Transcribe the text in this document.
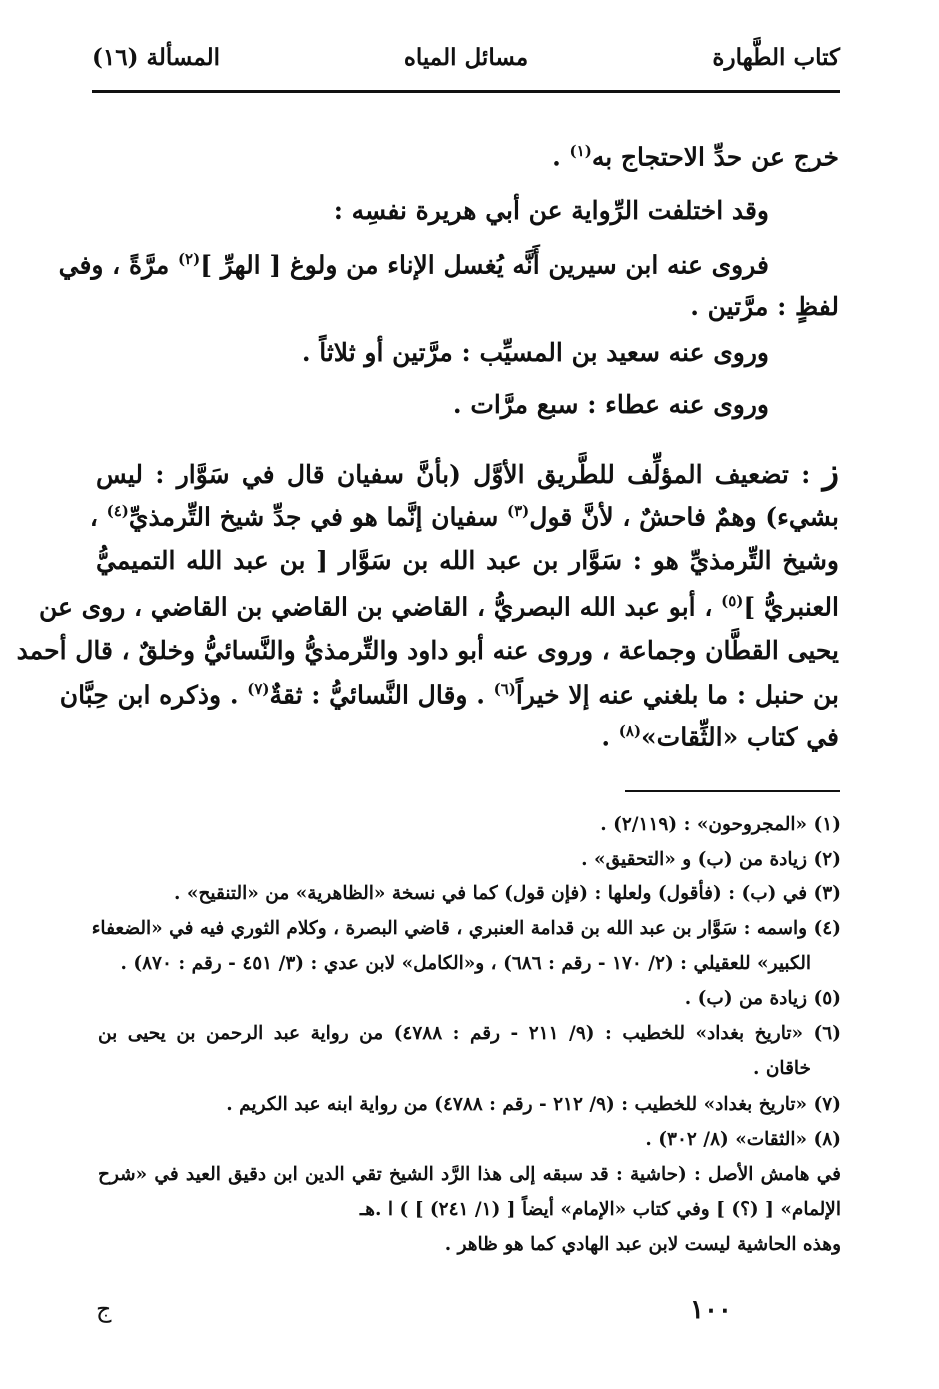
كتاب الطَّهارة
مسائل المياه
المسألة (١٦)
خرج عن حدِّ الاحتجاج به$^{(١)}$ .
وقد اختلفت الرِّواية عن أبي هريرة نفسِه :
فروى عنه ابن سيرين أَنَّه يُغسل الإناء من ولوغ [ الهرِّ ]$^{(٢)}$ مرَّةً ، وفي
لفظٍ : مرَّتين .
وروى عنه سعيد بن المسيِّب : مرَّتين أو ثلاثاً .
وروى عنه عطاء : سبع مرَّات .
ز : تضعيف المؤلِّف للطَّريق الأوَّل (بأنَّ سفيان قال في سَوَّار : ليس
بشيء) وهمٌ فاحشٌ ، لأنَّ قول$^{(٣)}$ سفيان إنَّما هو في جدِّ شيخ التِّرمذيِّ$^{(٤)}$ ،
وشيخ التِّرمذيِّ هو : سَوَّار بن عبد الله بن سَوَّار [ بن عبد الله التميميُّ
العنبريُّ ]$^{(٥)}$ ، أبو عبد الله البصريُّ ، القاضي بن القاضي بن القاضي ، روى عن
يحيى القطَّان وجماعة ، وروى عنه أبو داود والتِّرمذيُّ والنَّسائيُّ وخلقٌ ، قال أحمد
بن حنبل : ما بلغني عنه إلا خيراً$^{(٦)}$ . وقال النَّسائيُّ : ثقةٌ$^{(٧)}$ . وذكره ابن حِبَّان
في كتاب «الثِّقات»$^{(٨)}$ .
(١) «المجروحون» : (٢/١١٩) .
(٢) زيادة من (ب) و «التحقيق» .
(٣) في (ب) : (فأقول) ولعلها : (فإن قول) كما في نسخة «الظاهرية» من «التنقيح» .
(٤) واسمه : سَوَّار بن عبد الله بن قدامة العنبري ، قاضي البصرة ، وكلام الثوري فيه في «الضعفاء
الكبير» للعقيلي : (٢/ ١٧٠ - رقم : ٦٨٦) ، و«الكامل» لابن عدي : (٣/ ٤٥١ - رقم : ٨٧٠) .
(٥) زيادة من (ب) .
(٦) «تاريخ بغداد» للخطيب : (٩/ ٢١١ - رقم : ٤٧٨٨) من رواية عبد الرحمن بن يحيى بن
خاقان .
(٧) «تاريخ بغداد» للخطيب : (٩/ ٢١٢ - رقم : ٤٧٨٨) من رواية ابنه عبد الكريم .
(٨) «الثقات» (٨/ ٣٠٢) .
في هامش الأصل : (حاشية : قد سبقه إلى هذا الرَّد الشيخ تقي الدين ابن دقيق العيد في «شرح
الإلمام» [ (؟) ] وفي كتاب «الإمام» أيضاً [ (١/ ٢٤١) ] ) ا .هـ
وهذه الحاشية ليست لابن عبد الهادي كما هو ظاهر .
١٠٠
ج
